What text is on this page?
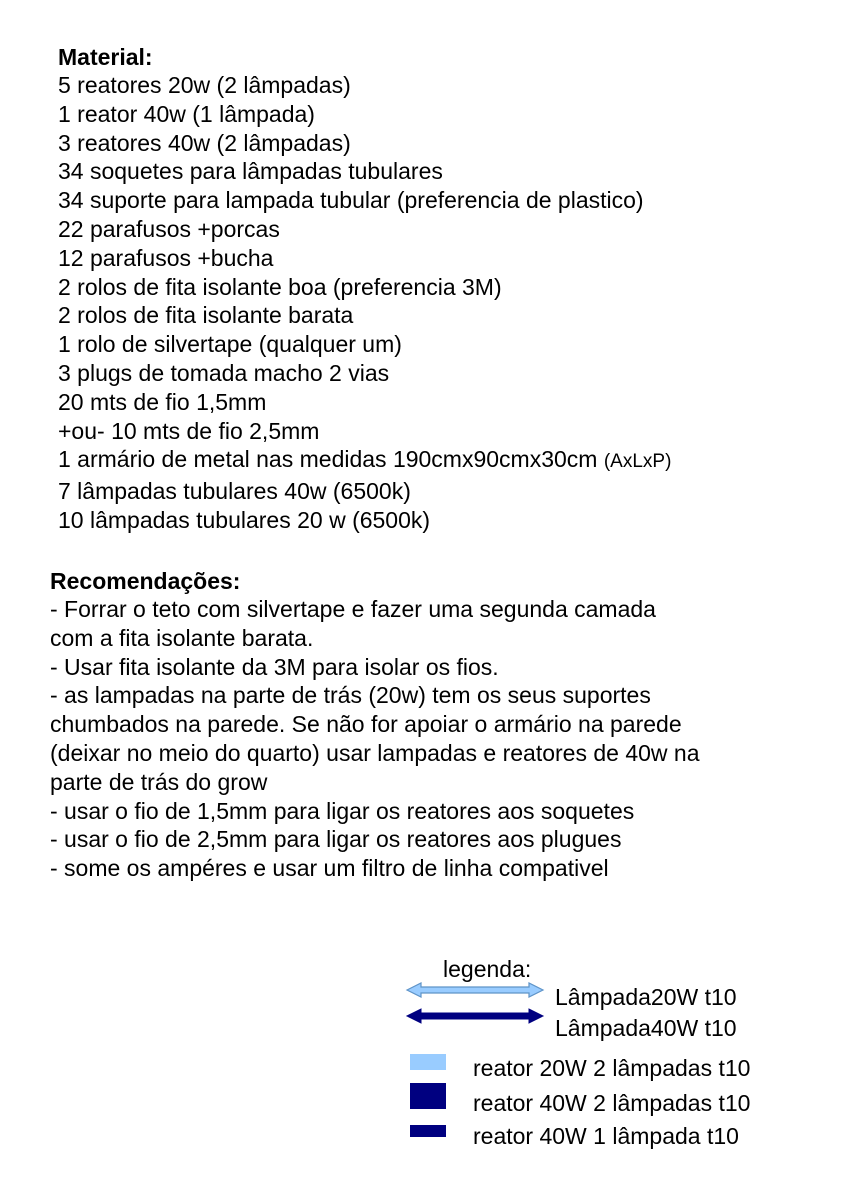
Material:
5 reatores 20w (2 lâmpadas)
1 reator 40w (1 lâmpada)
3 reatores 40w (2 lâmpadas)
34 soquetes para lâmpadas tubulares
34 suporte para lampada tubular (preferencia de plastico)
22 parafusos +porcas
12 parafusos +bucha
2 rolos de fita isolante boa (preferencia 3M)
2 rolos de fita isolante barata
1 rolo de silvertape (qualquer um)
3 plugs de tomada macho 2 vias
20 mts de fio 1,5mm
+ou- 10 mts de fio 2,5mm
1 armário de metal nas medidas 190cmx90cmx30cm (AxLxP)
7 lâmpadas tubulares 40w (6500k)
10 lâmpadas tubulares 20 w (6500k)
Recomendações:
- Forrar o teto com silvertape e fazer uma segunda camada
com a fita isolante barata.
- Usar fita isolante da 3M para isolar os fios.
- as lampadas na parte de trás (20w) tem os seus suportes
chumbados na parede. Se não for apoiar o armário na parede
(deixar no meio do quarto) usar lampadas e reatores de 40w na
parte de trás do grow
- usar o fio de 1,5mm para ligar os reatores aos soquetes
- usar o fio de 2,5mm para ligar os reatores aos plugues
- some os ampéres e usar um filtro de linha compativel
legenda:
Lâmpada20W t10
Lâmpada40W t10
reator 20W 2 lâmpadas t10
reator 40W 2 lâmpadas t10
reator 40W 1 lâmpada t10
